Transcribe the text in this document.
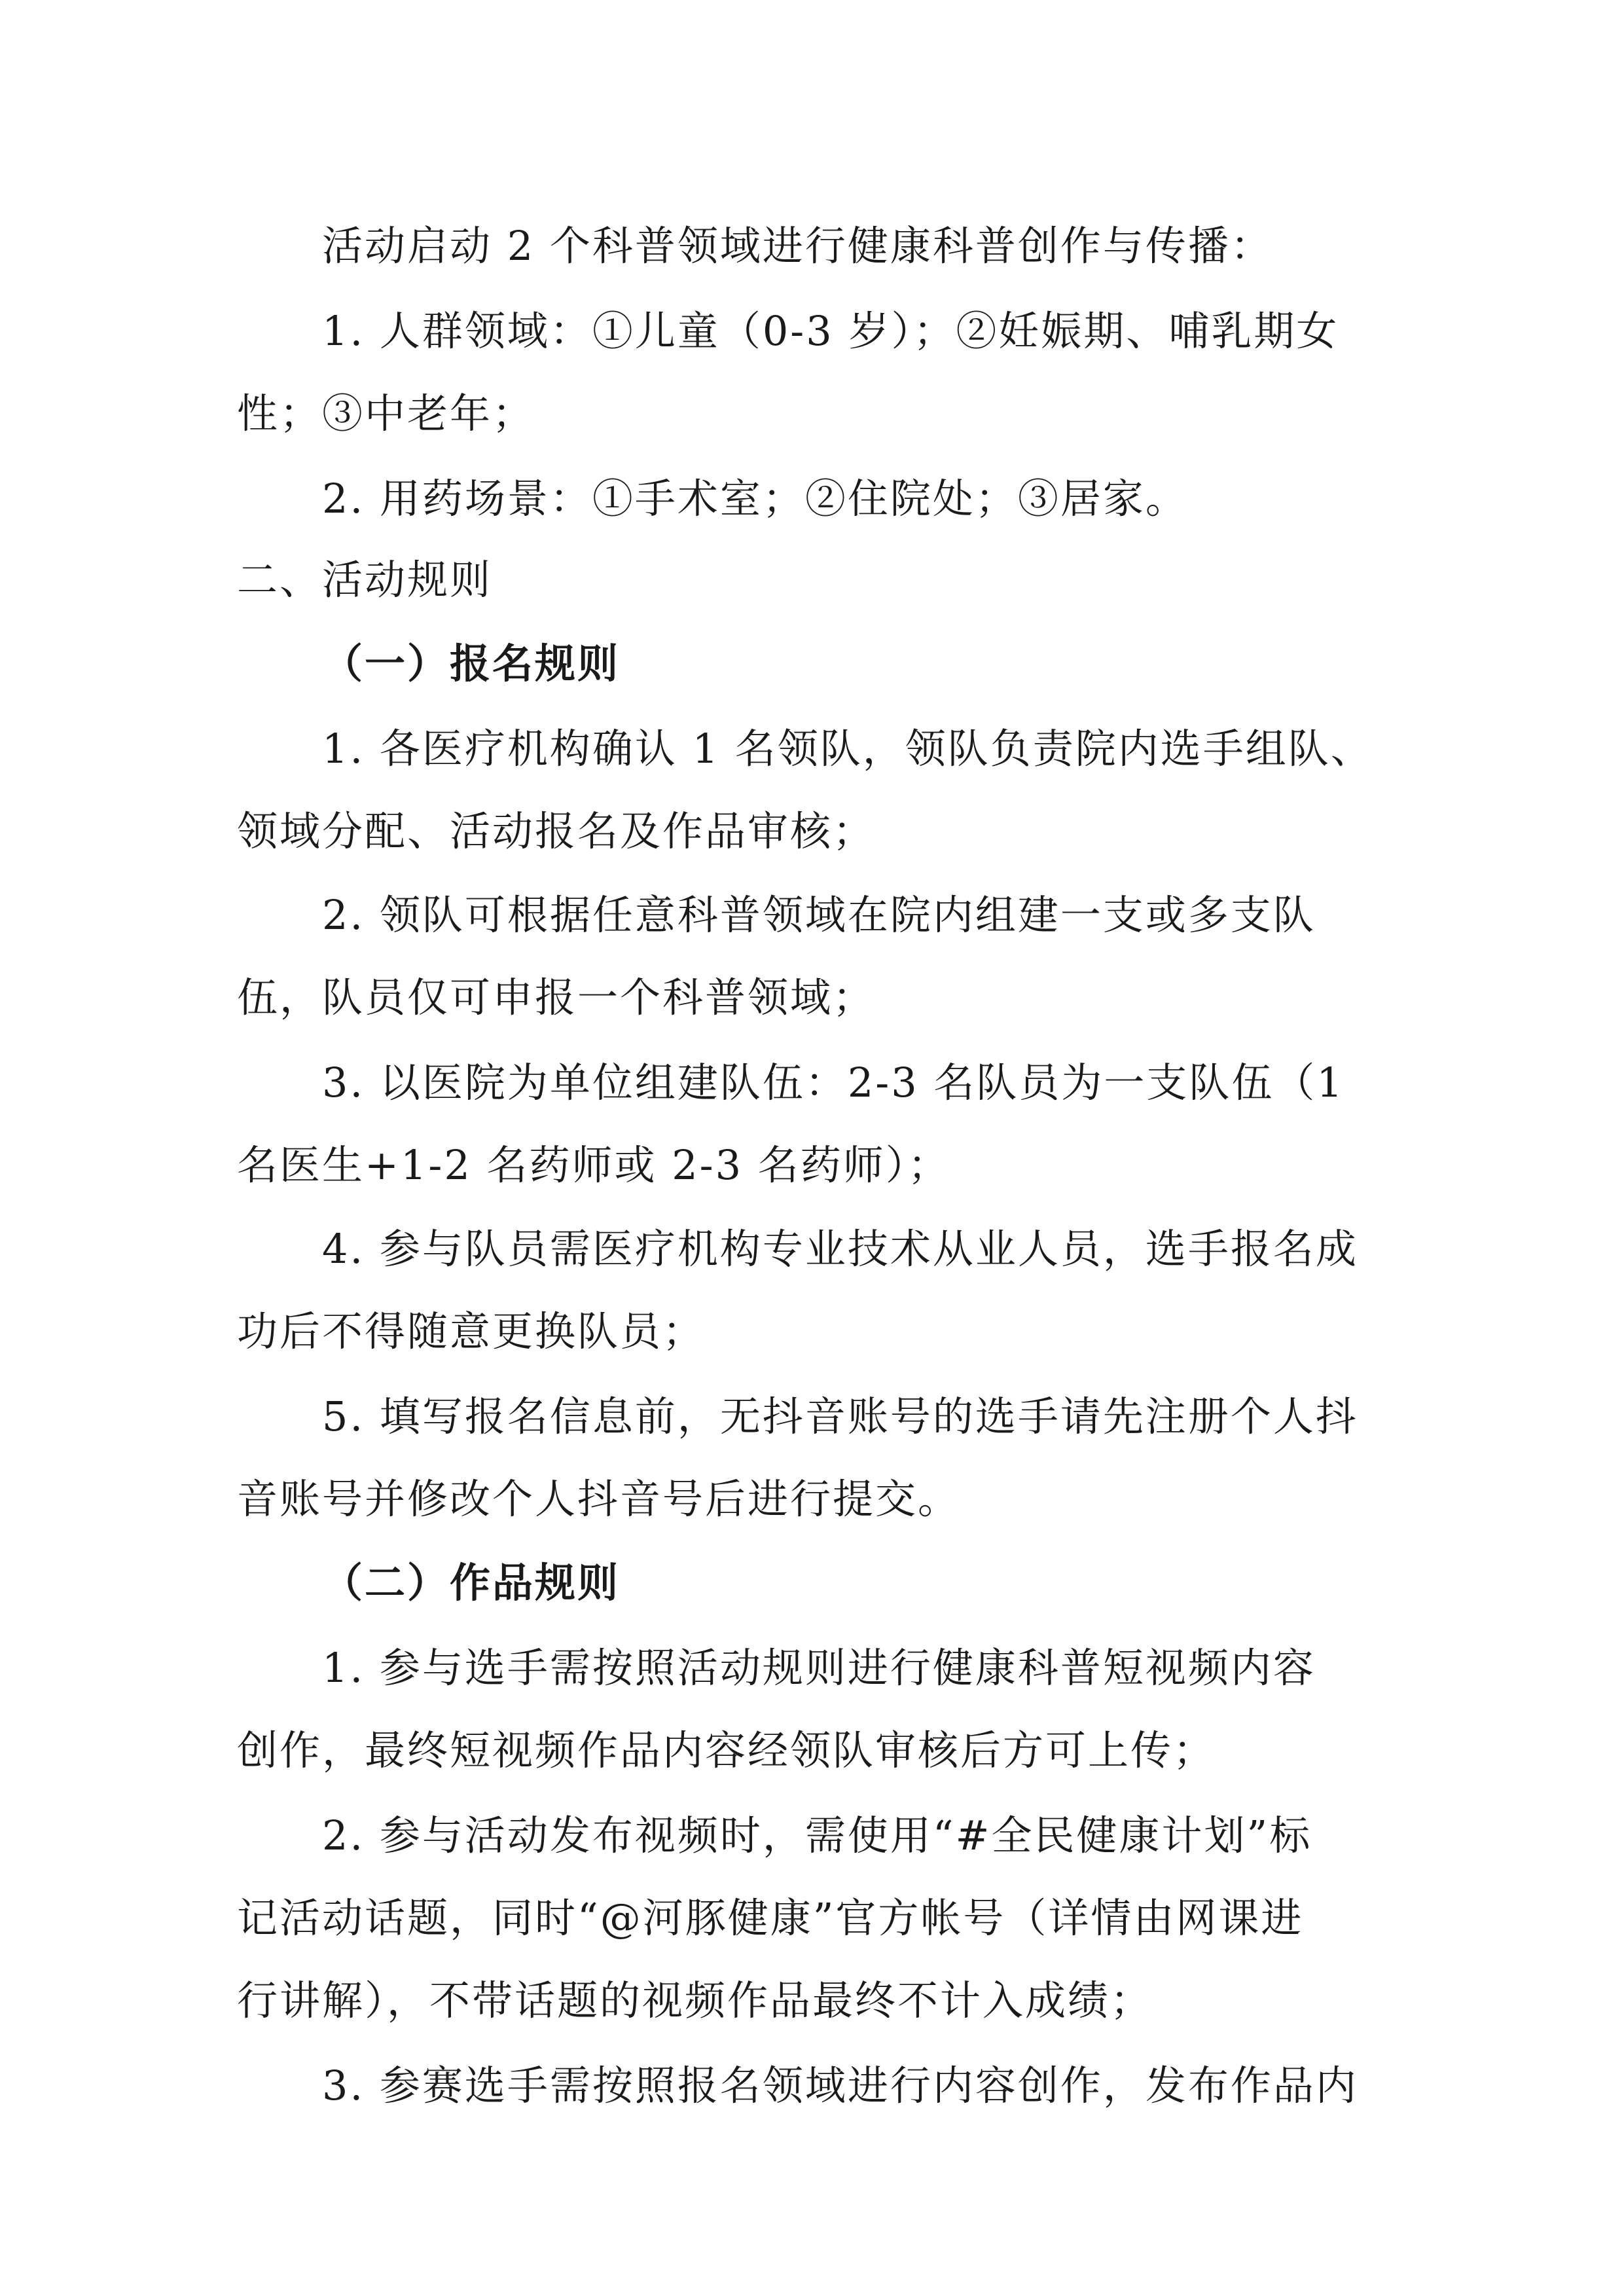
活动启动 2 个科普领域进行健康科普创作与传播：
1. 人群领域：①儿童（0-3 岁）；②妊娠期、哺乳期女
性；③中老年；
2. 用药场景：①手术室；②住院处；③居家。
二、活动规则
（一）报名规则
1. 各医疗机构确认 1 名领队，领队负责院内选手组队、
领域分配、活动报名及作品审核；
2. 领队可根据任意科普领域在院内组建一支或多支队
伍，队员仅可申报一个科普领域；
3. 以医院为单位组建队伍：2-3 名队员为一支队伍（1
名医生+1-2 名药师或 2-3 名药师）；
4. 参与队员需医疗机构专业技术从业人员，选手报名成
功后不得随意更换队员；
5. 填写报名信息前，无抖音账号的选手请先注册个人抖
音账号并修改个人抖音号后进行提交。
（二）作品规则
1. 参与选手需按照活动规则进行健康科普短视频内容
创作，最终短视频作品内容经领队审核后方可上传；
2. 参与活动发布视频时，需使用“#全民健康计划”标
记活动话题，同时“@河豚健康”官方帐号（详情由网课进
行讲解），不带话题的视频作品最终不计入成绩；
3. 参赛选手需按照报名领域进行内容创作，发布作品内
